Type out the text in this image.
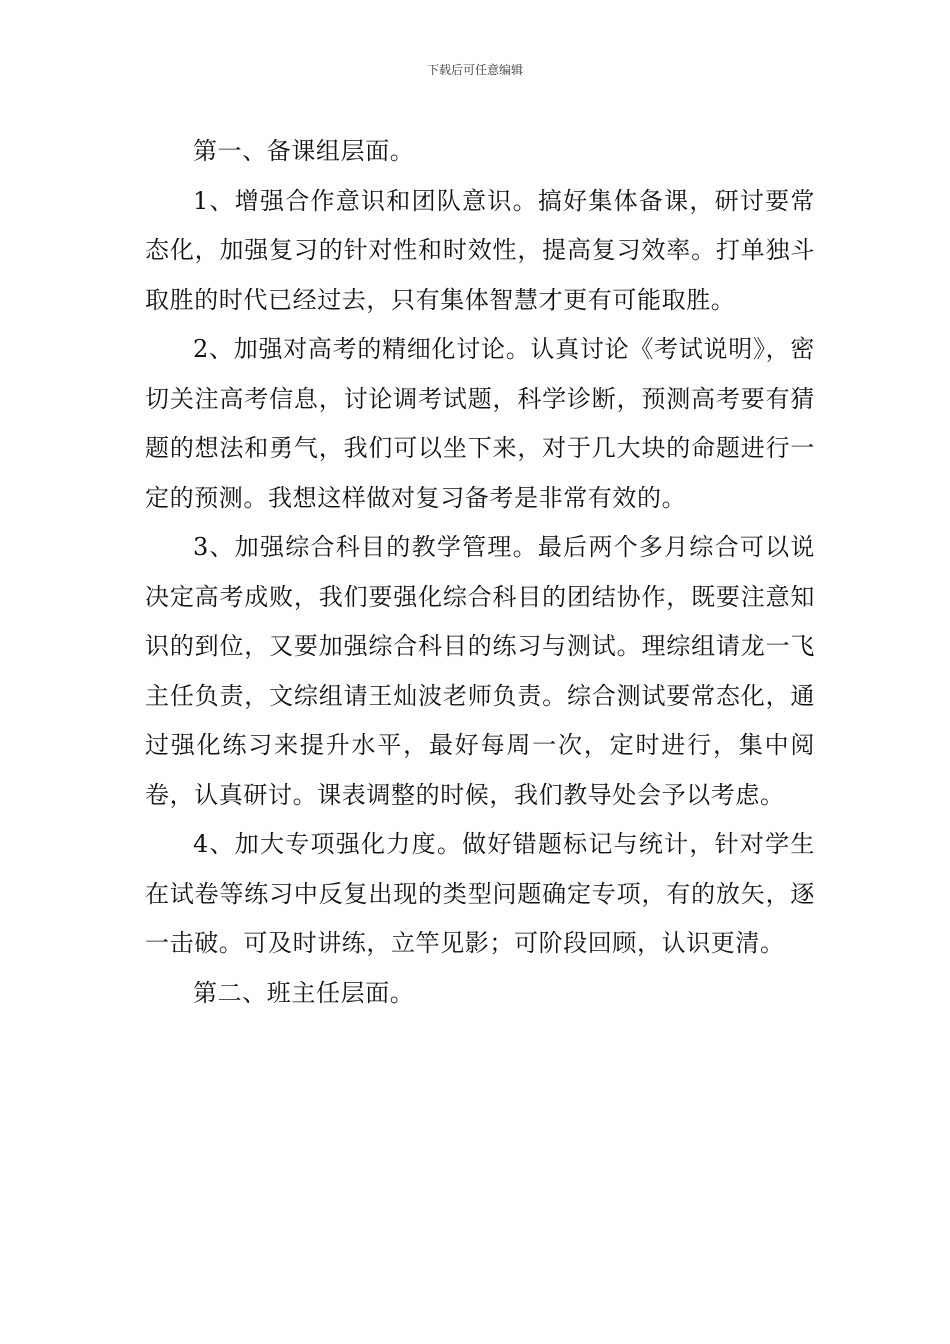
下载后可任意编辑

第一、备课组层面。

1、增强合作意识和团队意识。搞好集体备课，研讨要常态化，加强复习的针对性和时效性，提高复习效率。打单独斗取胜的时代已经过去，只有集体智慧才更有可能取胜。

2、加强对高考的精细化讨论。认真讨论《考试说明》，密切关注高考信息，讨论调考试题，科学诊断，预测高考要有猜题的想法和勇气，我们可以坐下来，对于几大块的命题进行一定的预测。我想这样做对复习备考是非常有效的。

3、加强综合科目的教学管理。最后两个多月综合可以说决定高考成败，我们要强化综合科目的团结协作，既要注意知识的到位，又要加强综合科目的练习与测试。理综组请龙一飞主任负责，文综组请王灿波老师负责。综合测试要常态化，通过强化练习来提升水平，最好每周一次，定时进行，集中阅卷，认真研讨。课表调整的时候，我们教导处会予以考虑。

4、加大专项强化力度。做好错题标记与统计，针对学生在试卷等练习中反复出现的类型问题确定专项，有的放矢，逐一击破。可及时讲练，立竿见影；可阶段回顾，认识更清。

第二、班主任层面。
